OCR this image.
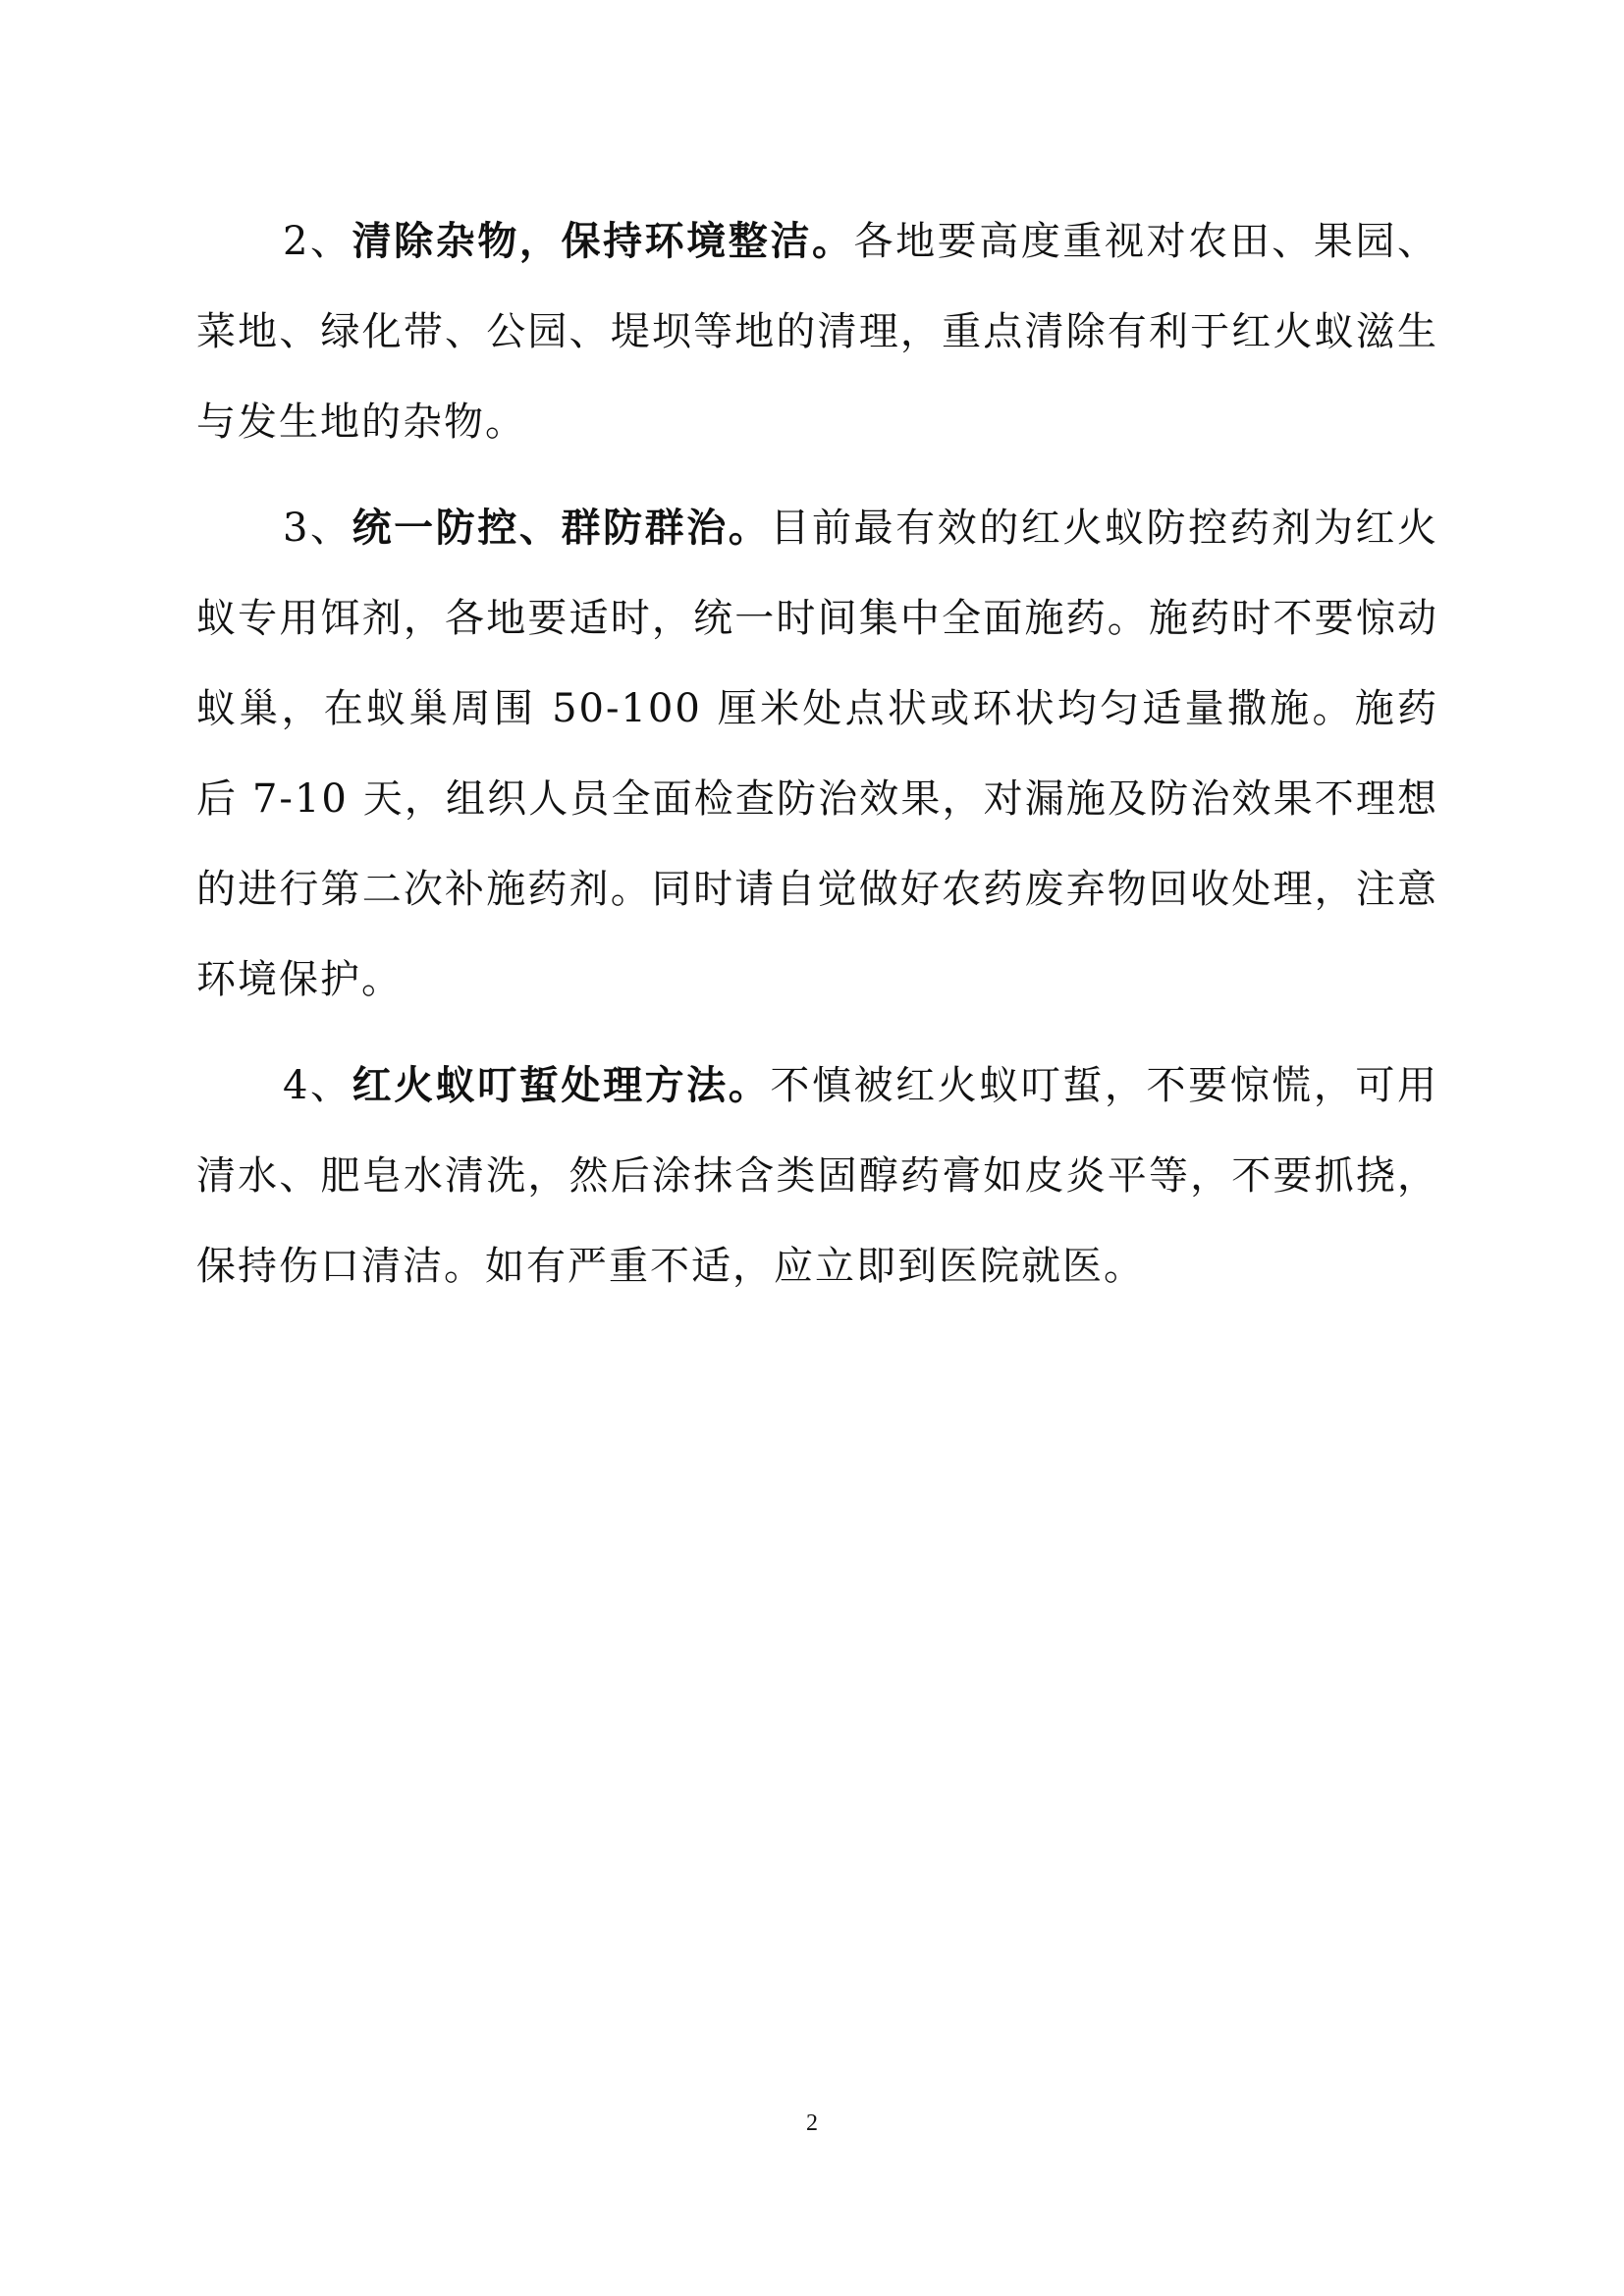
2、清除杂物，保持环境整洁。各地要高度重视对农田、果园、菜地、绿化带、公园、堤坝等地的清理，重点清除有利于红火蚁滋生与发生地的杂物。

3、统一防控、群防群治。目前最有效的红火蚁防控药剂为红火蚁专用饵剂，各地要适时，统一时间集中全面施药。施药时不要惊动蚁巢，在蚁巢周围 50-100 厘米处点状或环状均匀适量撒施。施药后 7-10 天，组织人员全面检查防治效果，对漏施及防治效果不理想的进行第二次补施药剂。同时请自觉做好农药废弃物回收处理，注意环境保护。

4、红火蚁叮蜇处理方法。不慎被红火蚁叮蜇，不要惊慌，可用清水、肥皂水清洗，然后涂抹含类固醇药膏如皮炎平等，不要抓挠，保持伤口清洁。如有严重不适，应立即到医院就医。

2
